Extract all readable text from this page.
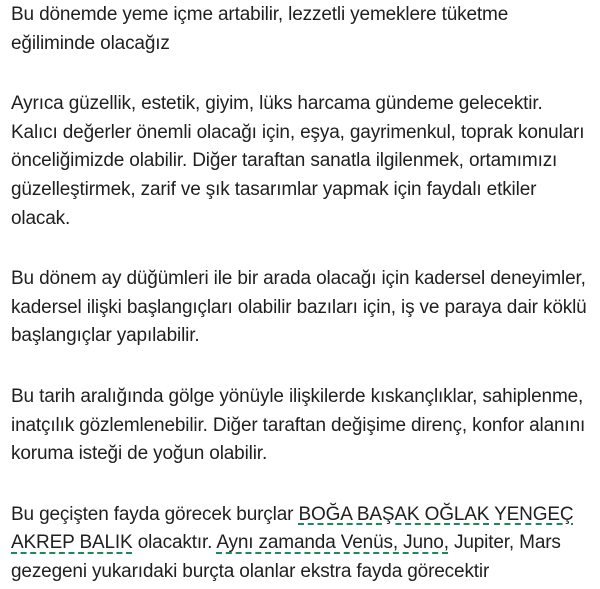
Bu dönemde yeme içme artabilir, lezzetli yemeklere tüketme eğiliminde olacağız

Ayrıca güzellik, estetik, giyim, lüks harcama gündeme gelecektir. Kalıcı değerler önemli olacağı için, eşya, gayrimenkul, toprak konuları önceliğimizde olabilir. Diğer taraftan sanatla ilgilenmek, ortamımızı güzelleştirmek, zarif ve şık tasarımlar yapmak için faydalı etkiler olacak.

Bu dönem ay düğümleri ile bir arada olacağı için kadersel deneyimler, kadersel ilişki başlangıçları olabilir bazıları için, iş ve paraya dair köklü başlangıçlar yapılabilir.

Bu tarih aralığında gölge yönüyle ilişkilerde kıskançlıklar, sahiplenme, inatçılık gözlemlenebilir. Diğer taraftan değişime direnç, konfor alanını koruma isteği de yoğun olabilir.

Bu geçişten fayda görecek burçlar BOĞA BAŞAK OĞLAK YENGEÇ AKREP BALIK olacaktır. Aynı zamanda Venüs, Juno, Jupiter, Mars gezegeni yukarıdaki burçta olanlar ekstra fayda görecektir
